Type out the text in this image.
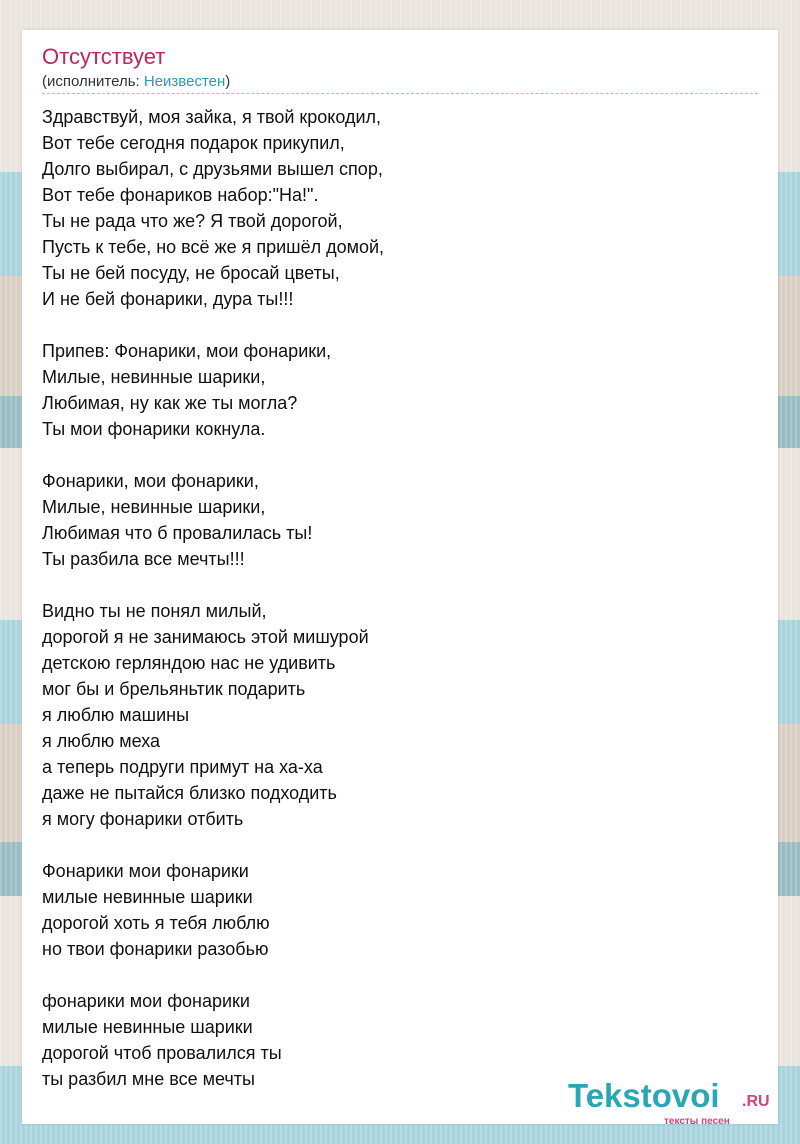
Отсутствует
(исполнитель: Неизвестен)
Здравствуй, моя зайка, я твой крокодил,
Вот тебе сегодня подарок прикупил,
Долго выбирал, с друзьями вышел спор,
Вот тебе фонариков набор:"На!".
Ты не рада что же? Я твой дорогой,
Пусть к тебе, но всё же я пришёл домой,
Ты не бей посуду, не бросай цветы,
И не бей фонарики, дура ты!!!
Припев: Фонарики, мои фонарики,
Милые, невинные шарики,
Любимая, ну как же ты могла?
Ты мои фонарики кокнула.
Фонарики, мои фонарики,
Милые, невинные шарики,
Любимая что б провалилась ты!
Ты разбила все мечты!!!
Видно ты не понял милый,
дорогой я не занимаюсь этой мишурой
детскою герляндою нас не удивить
мог бы и брельяньтик подарить
я люблю машины
я люблю меха
а теперь подруги примут на ха-ха
даже не пытайся близко подходить
я могу фонарики отбить
Фонарики мои фонарики
милые невинные шарики
дорогой хоть я тебя люблю
но твои фонарики разобью
фонарики мои фонарики
милые невинные шарики
дорогой чтоб провалился ты
ты разбил мне все мечты	Tekstovoi .RU
тексты песен
